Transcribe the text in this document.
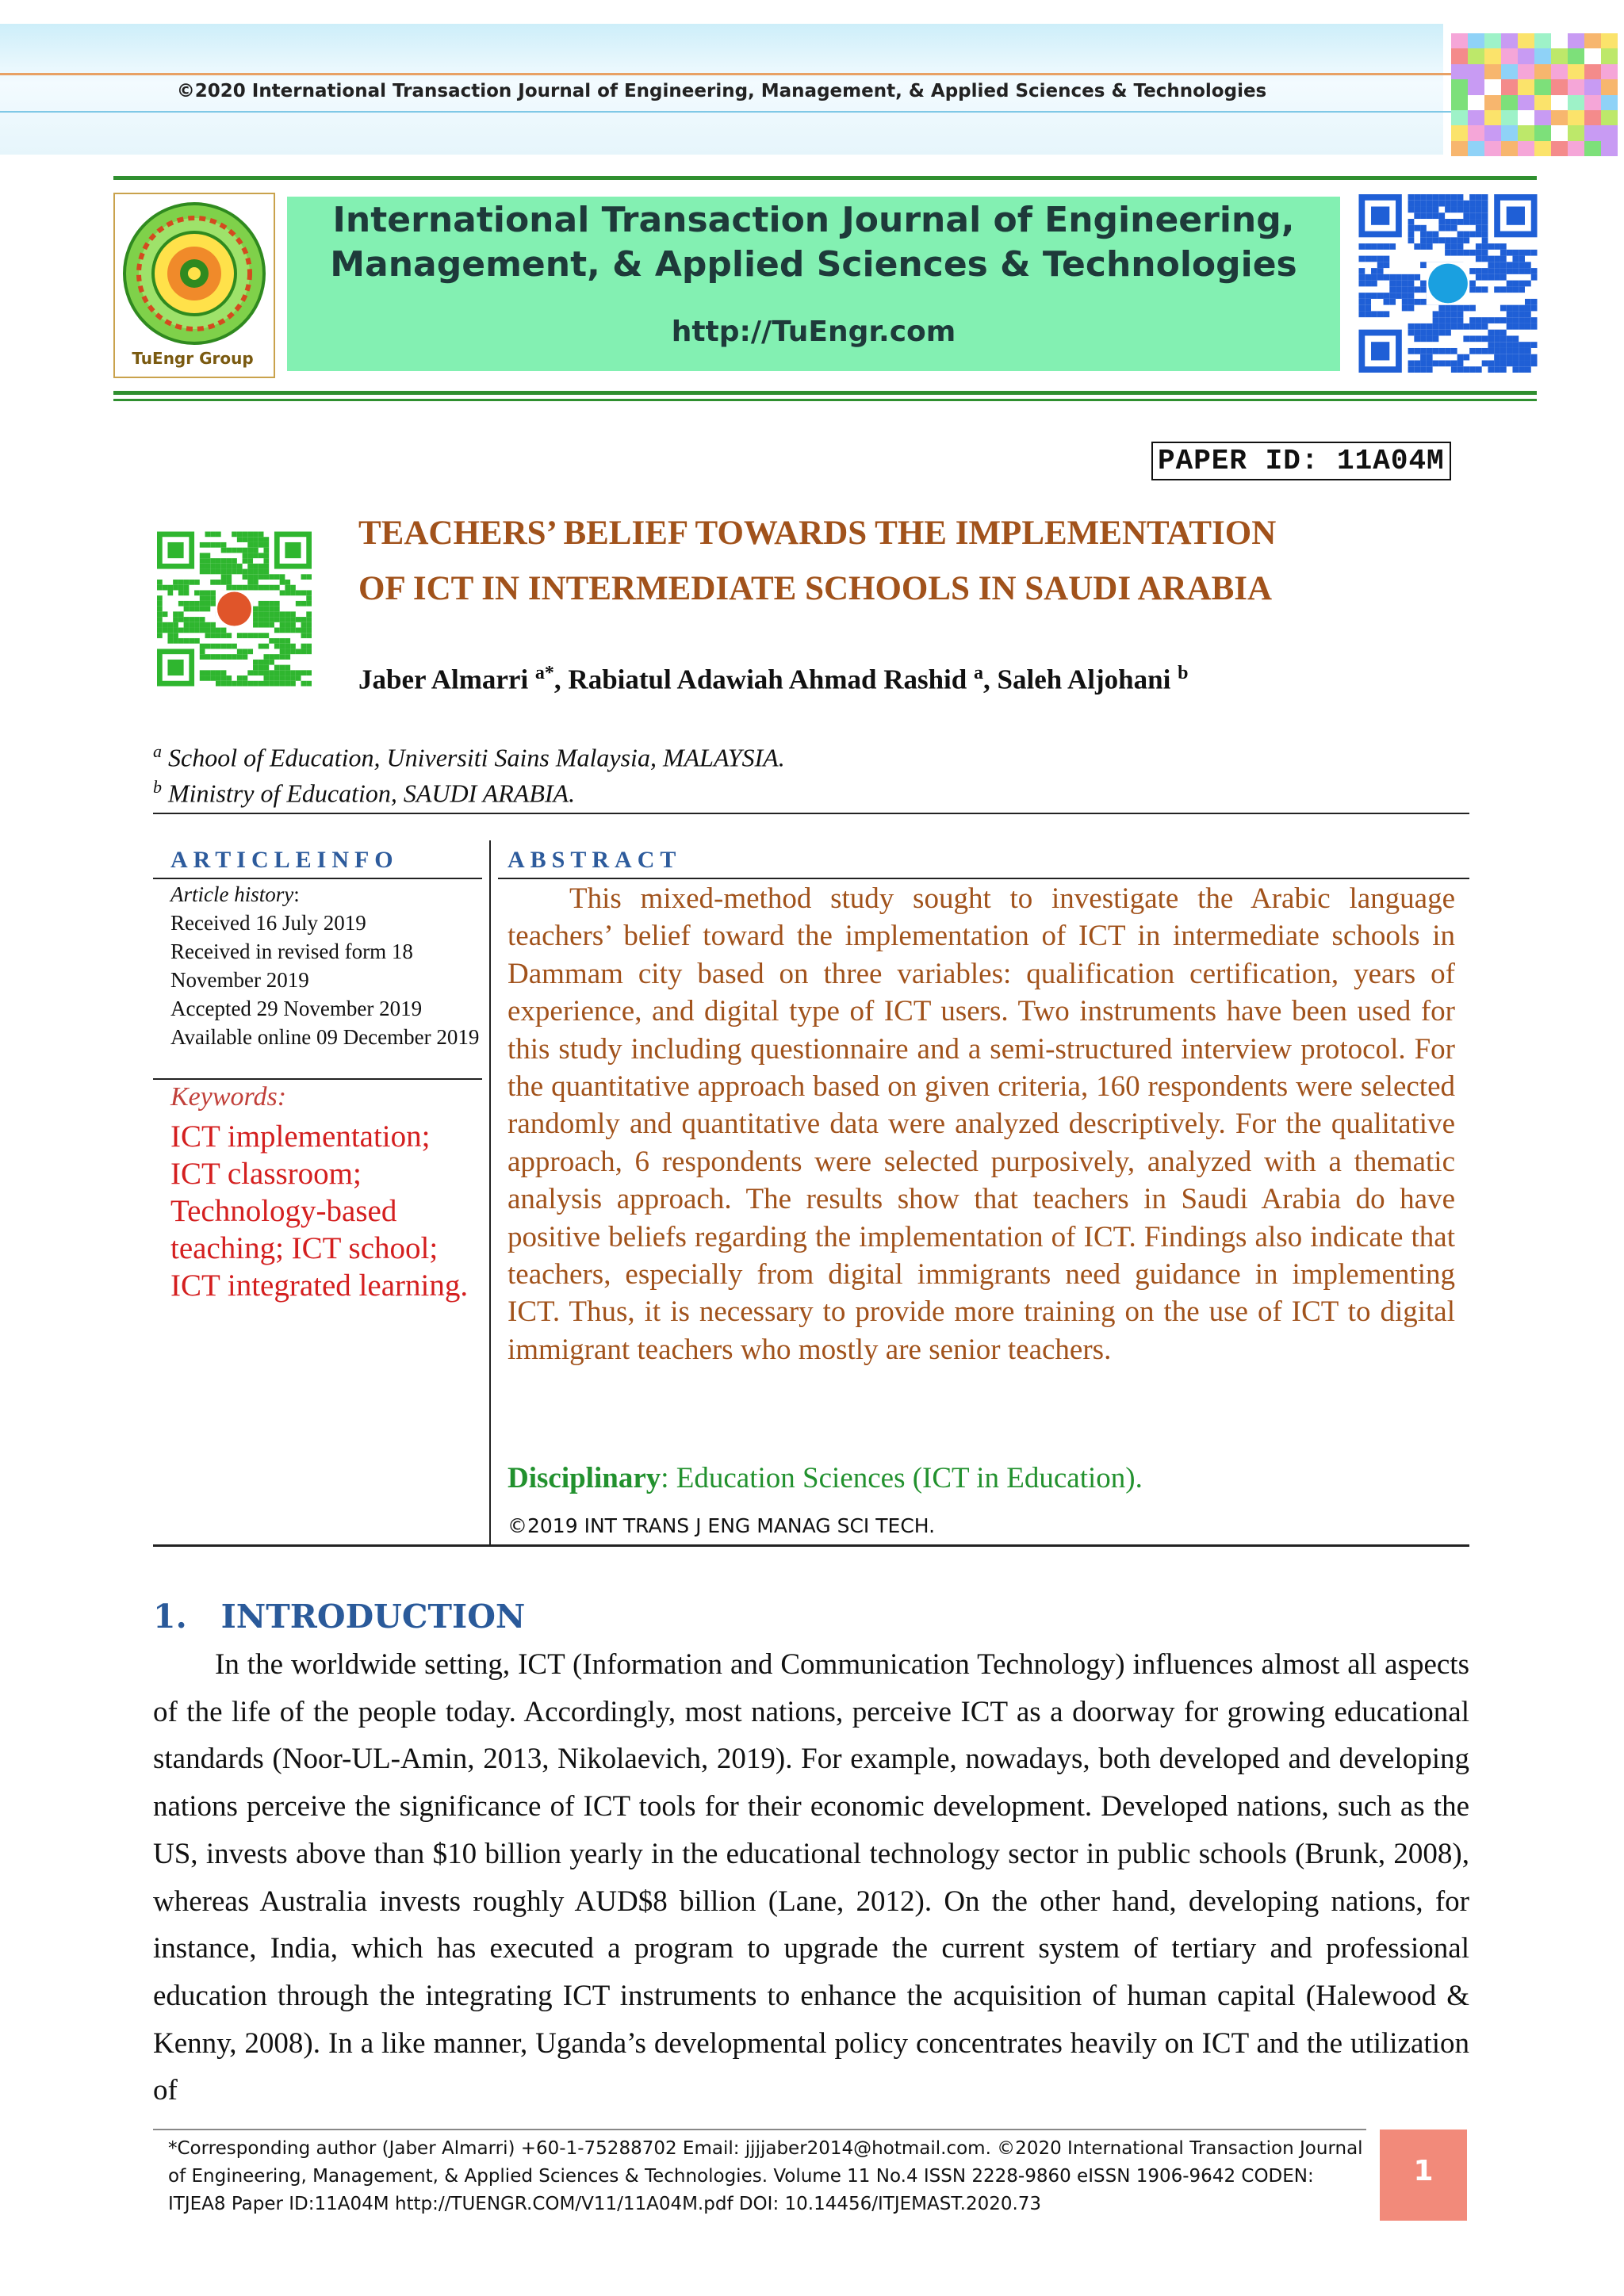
©2020 International Transaction Journal of Engineering, Management, & Applied Sciences & Technologies
TuEngr Group
International Transaction Journal of Engineering, Management, & Applied Sciences & Technologies
http://TuEngr.com
PAPER ID: 11A04M
TEACHERS’ BELIEF TOWARDS THE IMPLEMENTATION
OF ICT IN INTERMEDIATE SCHOOLS IN SAUDI ARABIA
Jaber Almarri $^{a*}$, Rabiatul Adawiah Ahmad Rashid $^a$, Saleh Aljohani $^b$
$^a$ School of Education, Universiti Sains Malaysia, MALAYSIA.
$^b$ Ministry of Education, SAUDI ARABIA.
ARTICLEINFO	ABSTRACT
Article history:
Received 16 July 2019
Received in revised form 18 November 2019
Accepted 29 November 2019
Available online 09 December 2019
Keywords:
ICT implementation; ICT classroom; Technology-based teaching; ICT school; ICT integrated learning.
This mixed-method study sought to investigate the Arabic language teachers’ belief toward the implementation of ICT in intermediate schools in Dammam city based on three variables: qualification certification, years of experience, and digital type of ICT users. Two instruments have been used for this study including questionnaire and a semi-structured interview protocol. For the quantitative approach based on given criteria, 160 respondents were selected randomly and quantitative data were analyzed descriptively. For the qualitative approach, 6 respondents were selected purposively, analyzed with a thematic analysis approach. The results show that teachers in Saudi Arabia do have positive beliefs regarding the implementation of ICT. Findings also indicate that teachers, especially from digital immigrants need guidance in implementing ICT. Thus, it is necessary to provide more training on the use of ICT to digital immigrant teachers who mostly are senior teachers.
Disciplinary: Education Sciences (ICT in Education).
©2019 INT TRANS J ENG MANAG SCI TECH.
1.   INTRODUCTION
In the worldwide setting, ICT (Information and Communication Technology) influences almost all aspects of the life of the people today. Accordingly, most nations, perceive ICT as a doorway for growing educational standards (Noor-UL-Amin, 2013, Nikolaevich, 2019). For example, nowadays, both developed and developing nations perceive the significance of ICT tools for their economic development. Developed nations, such as the US, invests above than $10 billion yearly in the educational technology sector in public schools (Brunk, 2008), whereas Australia invests roughly AUD$8 billion (Lane, 2012). On the other hand, developing nations, for instance, India, which has executed a program to upgrade the current system of tertiary and professional education through the integrating ICT instruments to enhance the acquisition of human capital (Halewood & Kenny, 2008). In a like manner, Uganda’s developmental policy concentrates heavily on ICT and the utilization of
*Corresponding author (Jaber Almarri) +60-1-75288702 Email: jjjjaber2014@hotmail.com. ©2020 International Transaction Journal of Engineering, Management, & Applied Sciences & Technologies. Volume 11 No.4 ISSN 2228-9860 eISSN 1906-9642 CODEN: ITJEA8 Paper ID:11A04M http://TUENGR.COM/V11/11A04M.pdf DOI: 10.14456/ITJEMAST.2020.73
1
